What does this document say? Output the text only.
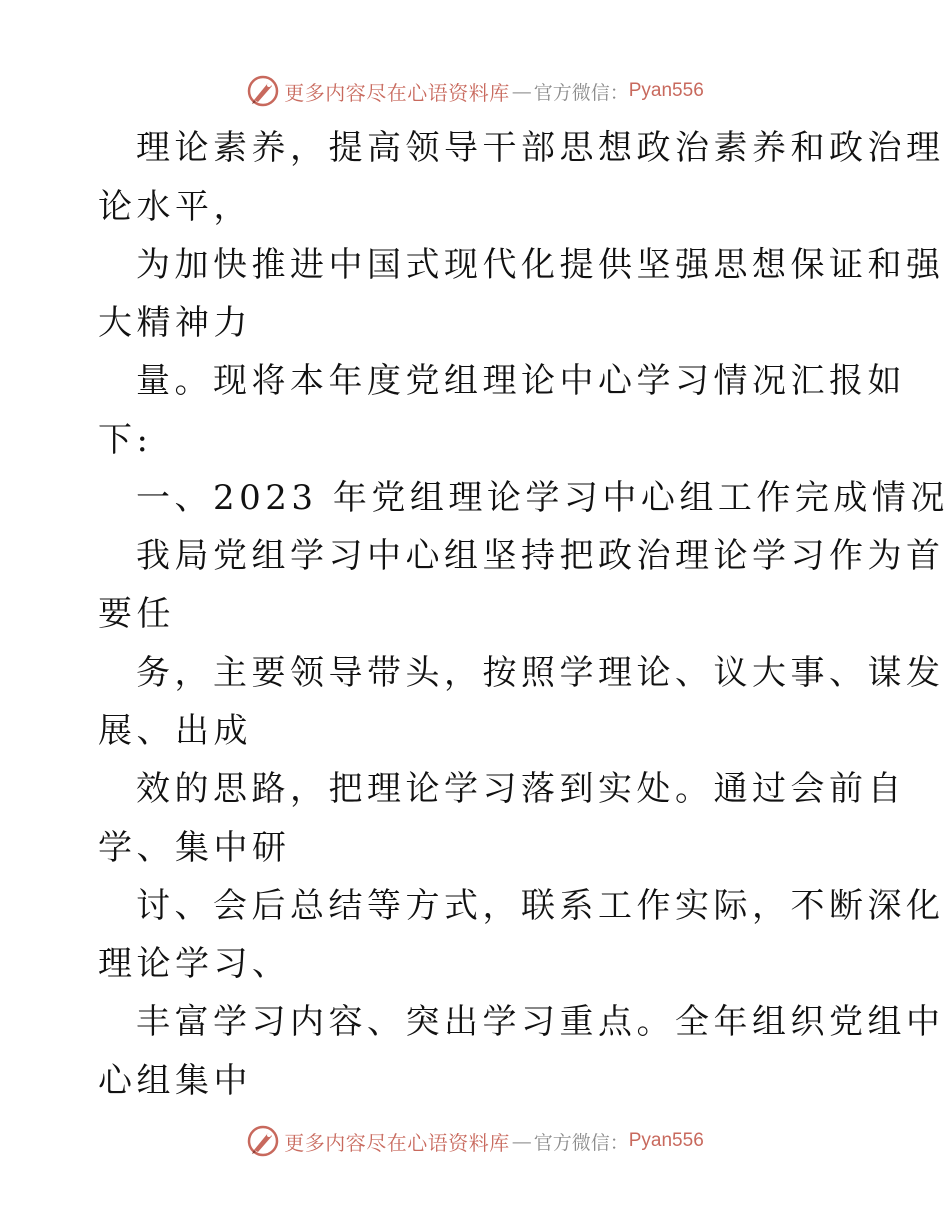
更多内容尽在心语资料库 — 官方微信： Pyan556
理论素养，提高领导干部思想政治素养和政治理
论水平，
为加快推进中国式现代化提供坚强思想保证和强
大精神力
量。现将本年度党组理论中心学习情况汇报如
下:
一、2023 年党组理论学习中心组工作完成情况
我局党组学习中心组坚持把政治理论学习作为首
要任
务，主要领导带头，按照学理论、议大事、谋发
展、出成
效的思路，把理论学习落到实处。通过会前自
学、集中研
讨、会后总结等方式，联系工作实际，不断深化
理论学习、
丰富学习内容、突出学习重点。全年组织党组中
心组集中
更多内容尽在心语资料库 — 官方微信： Pyan556
